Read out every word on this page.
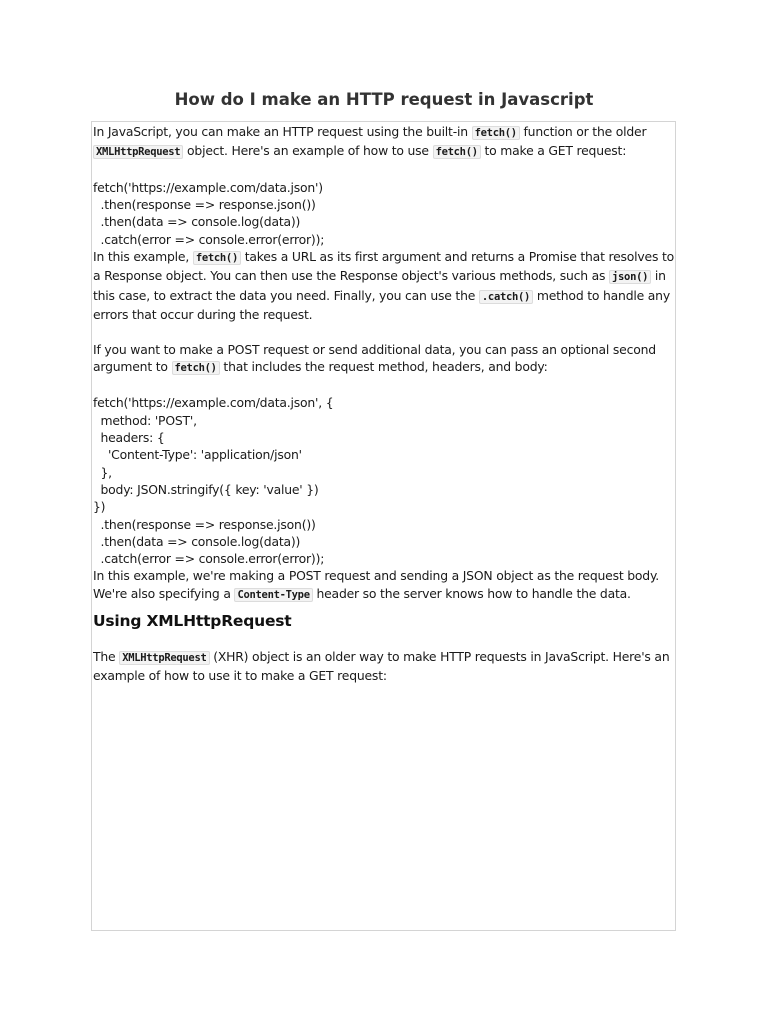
How do I make an HTTP request in Javascript

In JavaScript, you can make an HTTP request using the built-in fetch() function or the older XMLHttpRequest object. Here's an example of how to use fetch() to make a GET request:

fetch('https://example.com/data.json')

.then(response => response.json())

.then(data => console.log(data))

.catch(error => console.error(error));

In this example, fetch() takes a URL as its first argument and returns a Promise that resolves to a Response object. You can then use the Response object's various methods, such as json() in this case, to extract the data you need. Finally, you can use the .catch() method to handle any errors that occur during the request.

If you want to make a POST request or send additional data, you can pass an optional second argument to fetch() that includes the request method, headers, and body:

fetch('https://example.com/data.json', {

method: 'POST',

headers: {

'Content-Type': 'application/json'

},

body: JSON.stringify({ key: 'value' })

})

.then(response => response.json())

.then(data => console.log(data))

.catch(error => console.error(error));

In this example, we're making a POST request and sending a JSON object as the request body. We're also specifying a Content-Type header so the server knows how to handle the data.

Using XMLHttpRequest

The XMLHttpRequest (XHR) object is an older way to make HTTP requests in JavaScript. Here's an example of how to use it to make a GET request:
